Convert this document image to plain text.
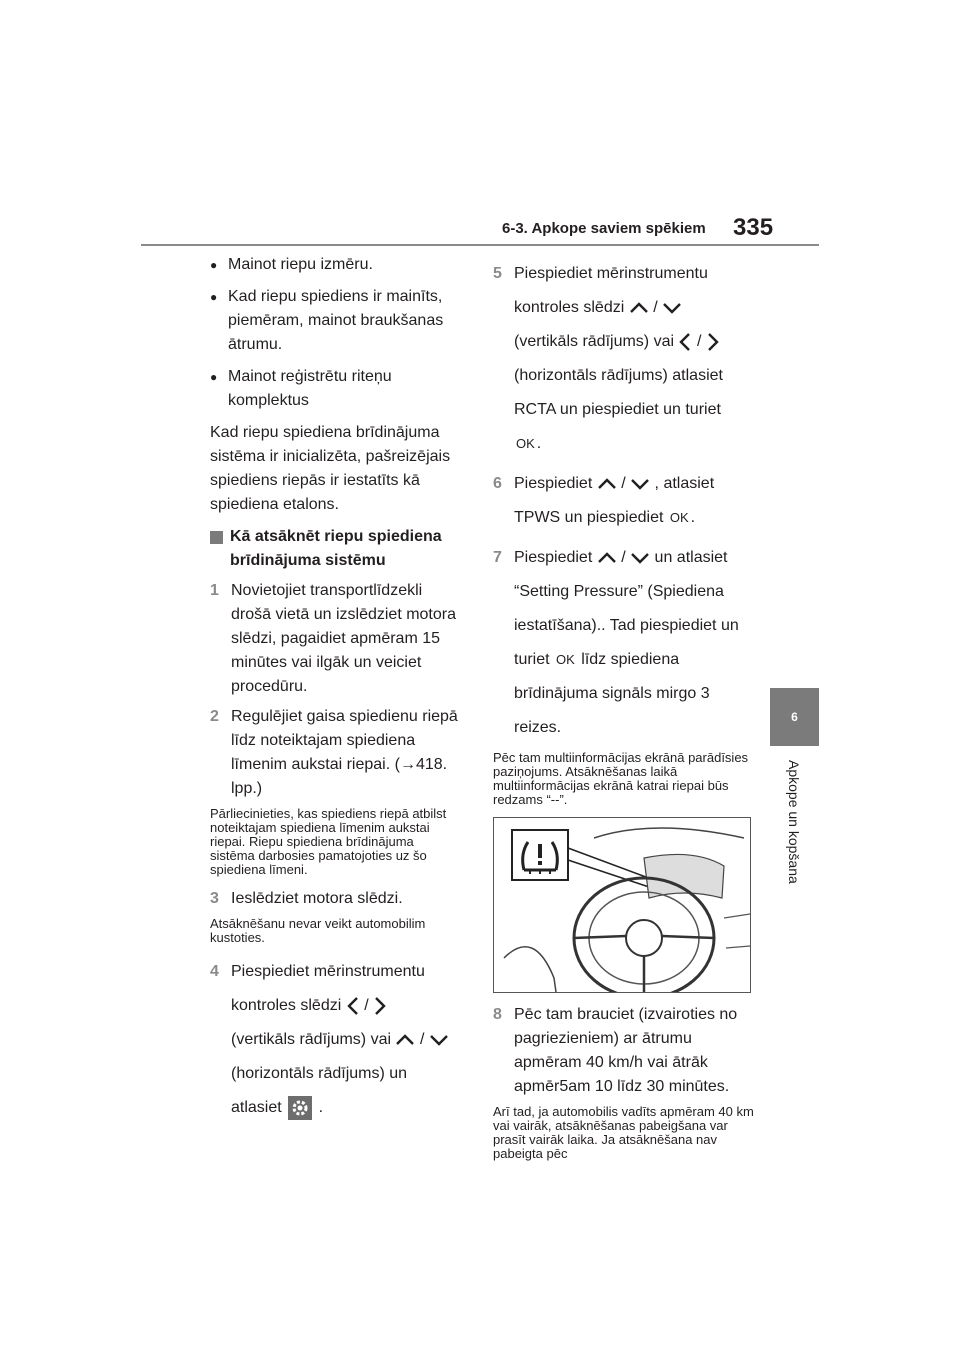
6-3. Apkope saviem spēkiem 335
6
Apkope un kopšana
● Mainot riepu izmēru.
● Kad riepu spiediens ir mainīts, piemēram, mainot braukšanas ātrumu.
● Mainot reģistrētu riteņu komplektus

Kad riepu spiediena brīdinājuma sistēma ir inicializēta, pašreizējais spiediens riepās ir iestatīts kā spiediena etalons.

Kā atsāknēt riepu spiediena brīdinājuma sistēmu
1 Novietojiet transportlīdzekli drošā vietā un izslēdziet motora slēdzi, pagaidiet apmēram 15 minūtes vai ilgāk un veiciet procedūru.
2 Regulējiet gaisa spiedienu riepā līdz noteiktajam spiediena līmenim aukstai riepai. (→418. lpp.)

Pārliecinieties, kas spiediens riepā atbilst noteiktajam spiediena līmenim aukstai riepai. Riepu spiediena brīdinājuma sistēma darbosies pamatojoties uz šo spiediena līmeni.

3 Ieslēdziet motora slēdzi.

Atsāknēšanu nevar veikt automobilim kustoties.

4 Piespiediet mērinstrumentu
kontroles slēdzi /
(vertikāls rādījums) vai /
(horizontāls rādījums) un
atlasiet .
5 Piespiediet mērinstrumentu
kontroles slēdzi /
(vertikāls rādījums) vai /
(horizontāls rādījums) atlasiet
RCTA un piespiediet un turiet
OK .
6 Piespiediet / , atlasiet
TPWS un piespiediet OK .
7 Piespiediet / un atlasiet
“Setting Pressure” (Spiediena
iestatīšana).. Tad piespiediet un
turiet OK līdz spiediena
brīdinājuma signāls mirgo 3
reizes.

Pēc tam multiinformācijas ekrānā parādīsies paziņojums. Atsāknēšanas laikā multiinformācijas ekrānā katrai riepai būs redzams “--”.

8 Pēc tam brauciet (izvairoties no pagriezieniem) ar ātrumu apmēram 40 km/h vai ātrāk apmēr5am 10 līdz 30 minūtes.

Arī tad, ja automobilis vadīts apmēram 40 km vai vairāk, atsāknēšanas pabeigšana var prasīt vairāk laika. Ja atsāknēšana nav pabeigta pēc
